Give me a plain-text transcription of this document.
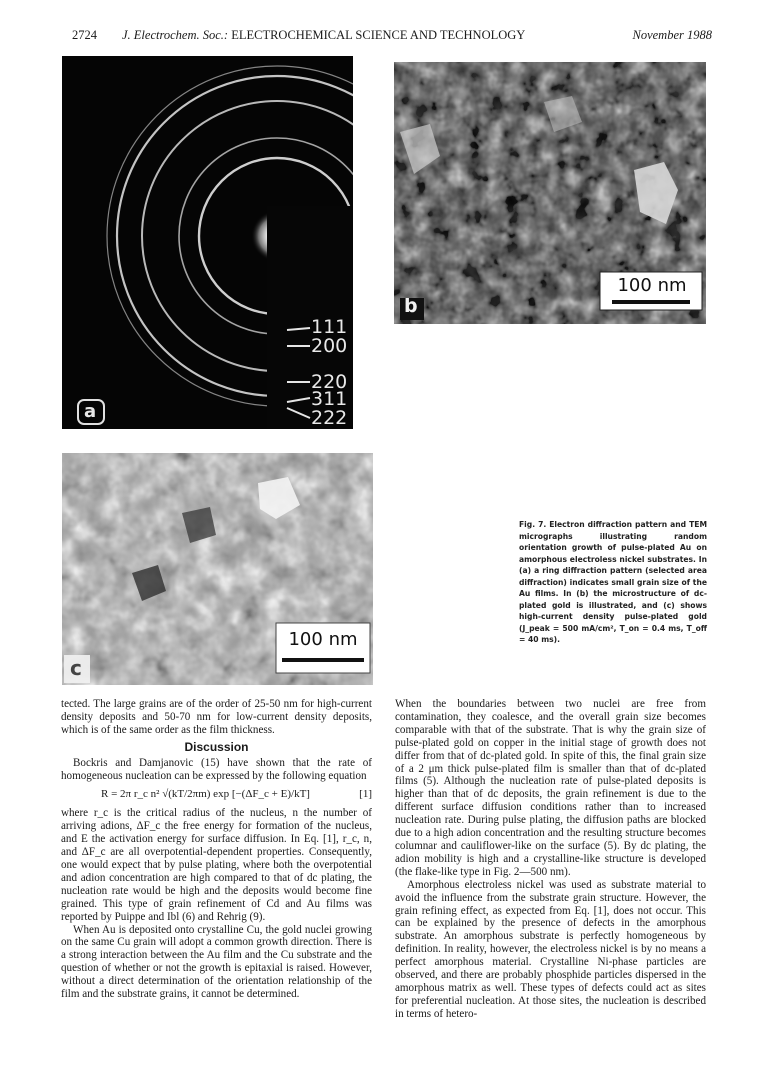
2724 J. Electrochem. Soc.: ELECTROCHEMICAL SCIENCE AND TECHNOLOGY	November 1988
111
200
220
311
222
a
100 nm
b
100 nm
c
Fig. 7. Electron diffraction pattern and TEM micrographs illustrating random orientation growth of pulse-plated Au on amorphous electroless nickel substrates. In (a) a ring diffraction pattern (selected area diffraction) indicates small grain size of the Au films. In (b) the microstructure of dc-plated gold is illustrated, and (c) shows high-current density pulse-plated gold (J_peak = 500 mA/cm², T_on = 0.4 ms, T_off = 40 ms).

tected. The large grains are of the order of 25-50 nm for high-current density deposits and 50-70 nm for low-current density deposits, which is of the same order as the film thickness.

Discussion

Bockris and Damjanovic (15) have shown that the rate of homogeneous nucleation can be expressed by the following equation

R = 2π r_c n² √(kT/2πm) exp [−(ΔF_c + E)/kT]	[1]

where r_c is the critical radius of the nucleus, n the number of arriving adions, ΔF_c the free energy for formation of the nucleus, and E the activation energy for surface diffusion. In Eq. [1], r_c, n, and ΔF_c are all overpotential-dependent properties. Consequently, one would expect that by pulse plating, where both the overpotential and adion concentration are high compared to that of dc plating, the nucleation rate would be high and the deposits would become fine grained. This type of grain refinement of Cd and Au films was reported by Puippe and Ibl (6) and Rehrig (9).

When Au is deposited onto crystalline Cu, the gold nuclei growing on the same Cu grain will adopt a common growth direction. There is a strong interaction between the Au film and the Cu substrate and the question of whether or not the growth is epitaxial is raised. However, without a direct determination of the orientation relationship of the film and the substrate grains, it cannot be determined.

When the boundaries between two nuclei are free from contamination, they coalesce, and the overall grain size becomes comparable with that of the substrate. That is why the grain size of pulse-plated gold on copper in the initial stage of growth does not differ from that of dc-plated gold. In spite of this, the final grain size of a 2 μm thick pulse-plated film is smaller than that of dc-plated films (5). Although the nucleation rate of pulse-plated deposits is higher than that of dc deposits, the grain refinement is due to the different surface diffusion conditions rather than to increased nucleation rate. During pulse plating, the diffusion paths are blocked due to a high adion concentration and the resulting structure becomes columnar and cauliflower-like on the surface (5). By dc plating, the adion mobility is high and a crystalline-like structure is developed (the flake-like type in Fig. 2—500 nm).

Amorphous electroless nickel was used as substrate material to avoid the influence from the substrate grain structure. However, the grain refining effect, as expected from Eq. [1], does not occur. This can be explained by the presence of defects in the amorphous substrate. An amorphous substrate is perfectly homogeneous by definition. In reality, however, the electroless nickel is by no means a perfect amorphous material. Crystalline Ni-phase particles are observed, and there are probably phosphide particles dispersed in the amorphous matrix as well. These types of defects could act as sites for preferential nucleation. At those sites, the nucleation is described in terms of hetero-
